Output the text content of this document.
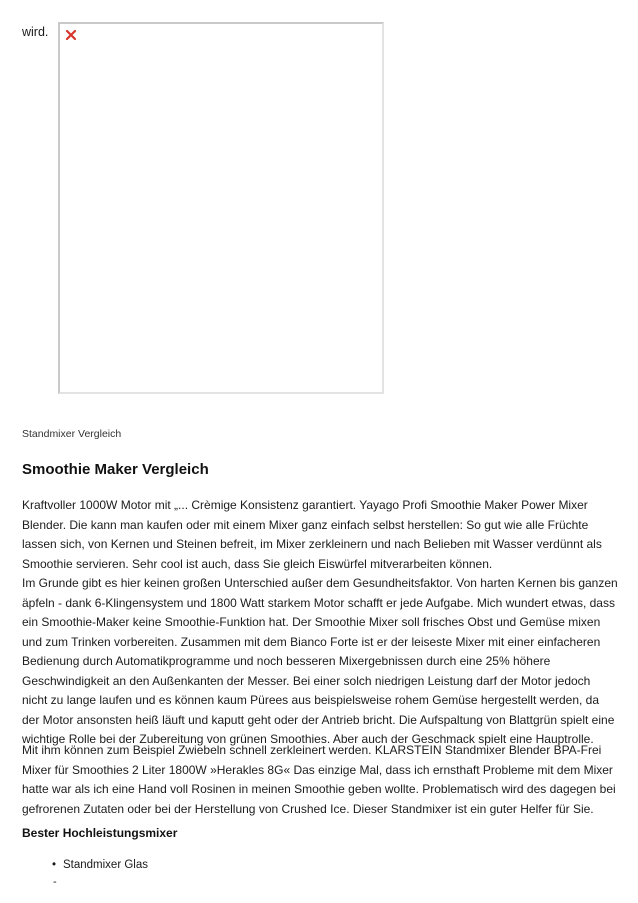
wird.
Standmixer Vergleich
Smoothie Maker Vergleich

Kraftvoller 1000W Motor mit „... Crèmige Konsistenz garantiert. Yayago Profi Smoothie Maker Power Mixer Blender. Die kann man kaufen oder mit einem Mixer ganz einfach selbst herstellen: So gut wie alle Früchte lassen sich, von Kernen und Steinen befreit, im Mixer zerkleinern und nach Belieben mit Wasser verdünnt als Smoothie servieren. Sehr cool ist auch, dass Sie gleich Eiswürfel mitverarbeiten können.

Im Grunde gibt es hier keinen großen Unterschied außer dem Gesundheitsfaktor. Von harten Kernen bis ganzen äpfeln - dank 6-Klingensystem und 1800 Watt starkem Motor schafft er jede Aufgabe. Mich wundert etwas, dass ein Smoothie-Maker keine Smoothie-Funktion hat. Der Smoothie Mixer soll frisches Obst und Gemüse mixen und zum Trinken vorbereiten. Zusammen mit dem Bianco Forte ist er der leiseste Mixer mit einer einfacheren Bedienung durch Automatikprogramme und noch besseren Mixergebnissen durch eine 25% höhere Geschwindigkeit an den Außenkanten der Messer. Bei einer solch niedrigen Leistung darf der Motor jedoch nicht zu lange laufen und es können kaum Pürees aus beispielsweise rohem Gemüse hergestellt werden, da der Motor ansonsten heiß läuft und kaputt geht oder der Antrieb bricht. Die Aufspaltung von Blattgrün spielt eine wichtige Rolle bei der Zubereitung von grünen Smoothies. Aber auch der Geschmack spielt eine Hauptrolle.

Mit ihm können zum Beispiel Zwiebeln schnell zerkleinert werden. KLARSTEIN Standmixer Blender BPA-Frei Mixer für Smoothies 2 Liter 1800W »Herakles 8G« Das einzige Mal, dass ich ernsthaft Probleme mit dem Mixer hatte war als ich eine Hand voll Rosinen in meinen Smoothie geben wollte. Problematisch wird des dagegen bei gefrorenen Zutaten oder bei der Herstellung von Crushed Ice. Dieser Standmixer ist ein guter Helfer für Sie.

Bester Hochleistungsmixer
• Standmixer Glas
-
